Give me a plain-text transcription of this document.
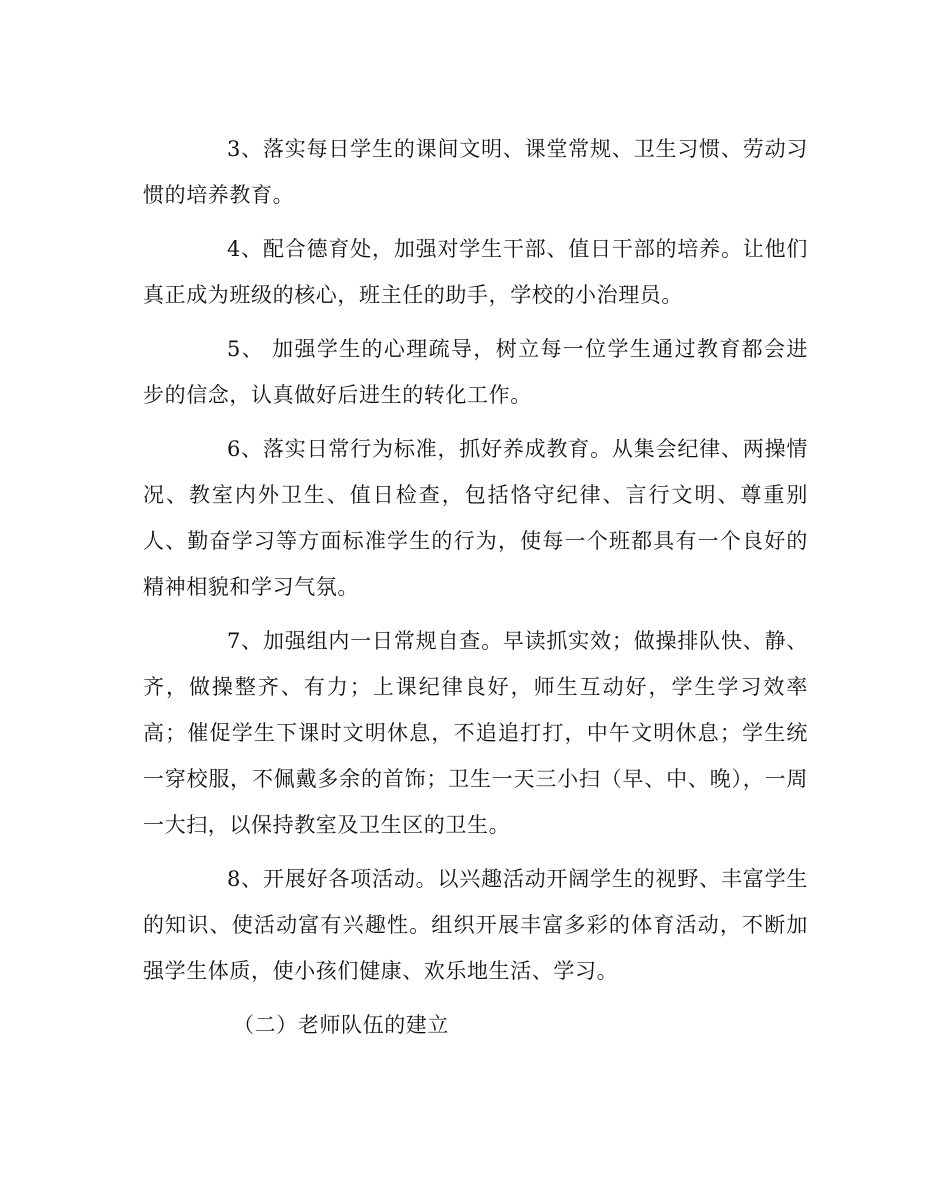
3、落实每日学生的课间文明、课堂常规、卫生习惯、劳动习惯的培养教育。

4、配合德育处，加强对学生干部、值日干部的培养。让他们真正成为班级的核心，班主任的助手，学校的小治理员。

5、 加强学生的心理疏导，树立每一位学生通过教育都会进步的信念，认真做好后进生的转化工作。

6、落实日常行为标准，抓好养成教育。从集会纪律、两操情况、教室内外卫生、值日检查，包括恪守纪律、言行文明、尊重别人、勤奋学习等方面标准学生的行为，使每一个班都具有一个良好的精神相貌和学习气氛。

7、加强组内一日常规自查。早读抓实效；做操排队快、静、齐，做操整齐、有力；上课纪律良好，师生互动好，学生学习效率高；催促学生下课时文明休息，不追追打打，中午文明休息；学生统一穿校服，不佩戴多余的首饰；卫生一天三小扫（早、中、晚），一周一大扫，以保持教室及卫生区的卫生。

8、开展好各项活动。以兴趣活动开阔学生的视野、丰富学生的知识、使活动富有兴趣性。组织开展丰富多彩的体育活动，不断加强学生体质，使小孩们健康、欢乐地生活、学习。

（二）老师队伍的建立
